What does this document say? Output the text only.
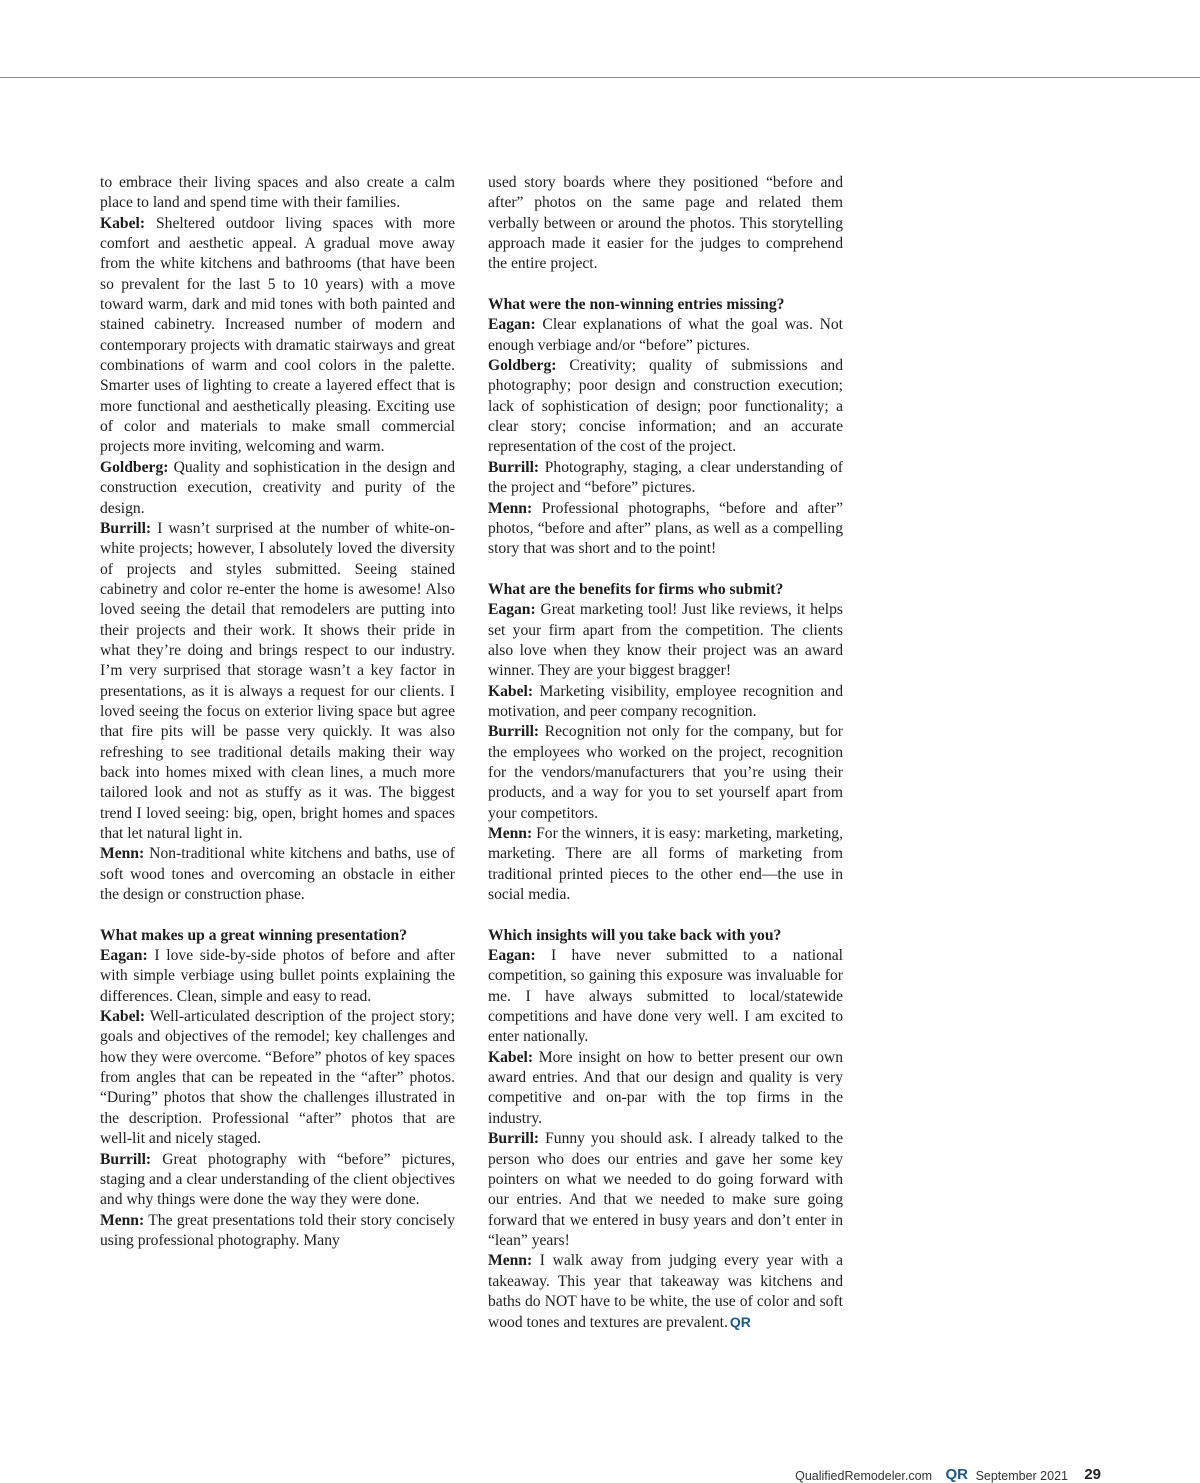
to embrace their living spaces and also create a calm place to land and spend time with their families.

Kabel: Sheltered outdoor living spaces with more comfort and aesthetic appeal. A gradual move away from the white kitchens and bathrooms (that have been so prevalent for the last 5 to 10 years) with a move toward warm, dark and mid tones with both painted and stained cabinetry. Increased number of modern and contemporary projects with dramatic stairways and great combinations of warm and cool colors in the palette. Smarter uses of lighting to create a layered effect that is more functional and aesthetically pleasing. Exciting use of color and materials to make small commercial projects more inviting, welcoming and warm.

Goldberg: Quality and sophistication in the design and construction execution, creativity and purity of the design.

Burrill: I wasn’t surprised at the number of white-on-white projects; however, I absolutely loved the diversity of projects and styles submitted. Seeing stained cabinetry and color re-enter the home is awesome! Also loved seeing the detail that remodelers are putting into their projects and their work. It shows their pride in what they’re doing and brings respect to our industry. I’m very surprised that storage wasn’t a key factor in presentations, as it is always a request for our clients. I loved seeing the focus on exterior living space but agree that fire pits will be passe very quickly. It was also refreshing to see traditional details making their way back into homes mixed with clean lines, a much more tailored look and not as stuffy as it was. The biggest trend I loved seeing: big, open, bright homes and spaces that let natural light in.

Menn: Non-traditional white kitchens and baths, use of soft wood tones and overcoming an obstacle in either the design or construction phase.

What makes up a great winning presentation?

Eagan: I love side-by-side photos of before and after with simple verbiage using bullet points explaining the differences. Clean, simple and easy to read.

Kabel: Well-articulated description of the project story; goals and objectives of the remodel; key challenges and how they were overcome. “Before” photos of key spaces from angles that can be repeated in the “after” photos. “During” photos that show the challenges illustrated in the description. Professional “after” photos that are well-lit and nicely staged.

Burrill: Great photography with “before” pictures, staging and a clear understanding of the client objectives and why things were done the way they were done.

Menn: The great presentations told their story concisely using professional photography. Many

used story boards where they positioned “before and after” photos on the same page and related them verbally between or around the photos. This storytelling approach made it easier for the judges to comprehend the entire project.

What were the non-winning entries missing?

Eagan: Clear explanations of what the goal was. Not enough verbiage and/or “before” pictures.

Goldberg: Creativity; quality of submissions and photography; poor design and construction execution; lack of sophistication of design; poor functionality; a clear story; concise information; and an accurate representation of the cost of the project.

Burrill: Photography, staging, a clear understanding of the project and “before” pictures.

Menn: Professional photographs, “before and after” photos, “before and after” plans, as well as a compelling story that was short and to the point!

What are the benefits for firms who submit?

Eagan: Great marketing tool! Just like reviews, it helps set your firm apart from the competition. The clients also love when they know their project was an award winner. They are your biggest bragger!

Kabel: Marketing visibility, employee recognition and motivation, and peer company recognition.

Burrill: Recognition not only for the company, but for the employees who worked on the project, recognition for the vendors/manufacturers that you’re using their products, and a way for you to set yourself apart from your competitors.

Menn: For the winners, it is easy: marketing, marketing, marketing. There are all forms of marketing from traditional printed pieces to the other end—the use in social media.

Which insights will you take back with you?

Eagan: I have never submitted to a national competition, so gaining this exposure was invaluable for me. I have always submitted to local/statewide competitions and have done very well. I am excited to enter nationally.

Kabel: More insight on how to better present our own award entries. And that our design and quality is very competitive and on-par with the top firms in the industry.

Burrill: Funny you should ask. I already talked to the person who does our entries and gave her some key pointers on what we needed to do going forward with our entries. And that we needed to make sure going forward that we entered in busy years and don’t enter in “lean” years!

Menn: I walk away from judging every year with a takeaway. This year that takeaway was kitchens and baths do NOT have to be white, the use of color and soft wood tones and textures are prevalent. QR

QualifiedRemodeler.com QR September 2021 29
